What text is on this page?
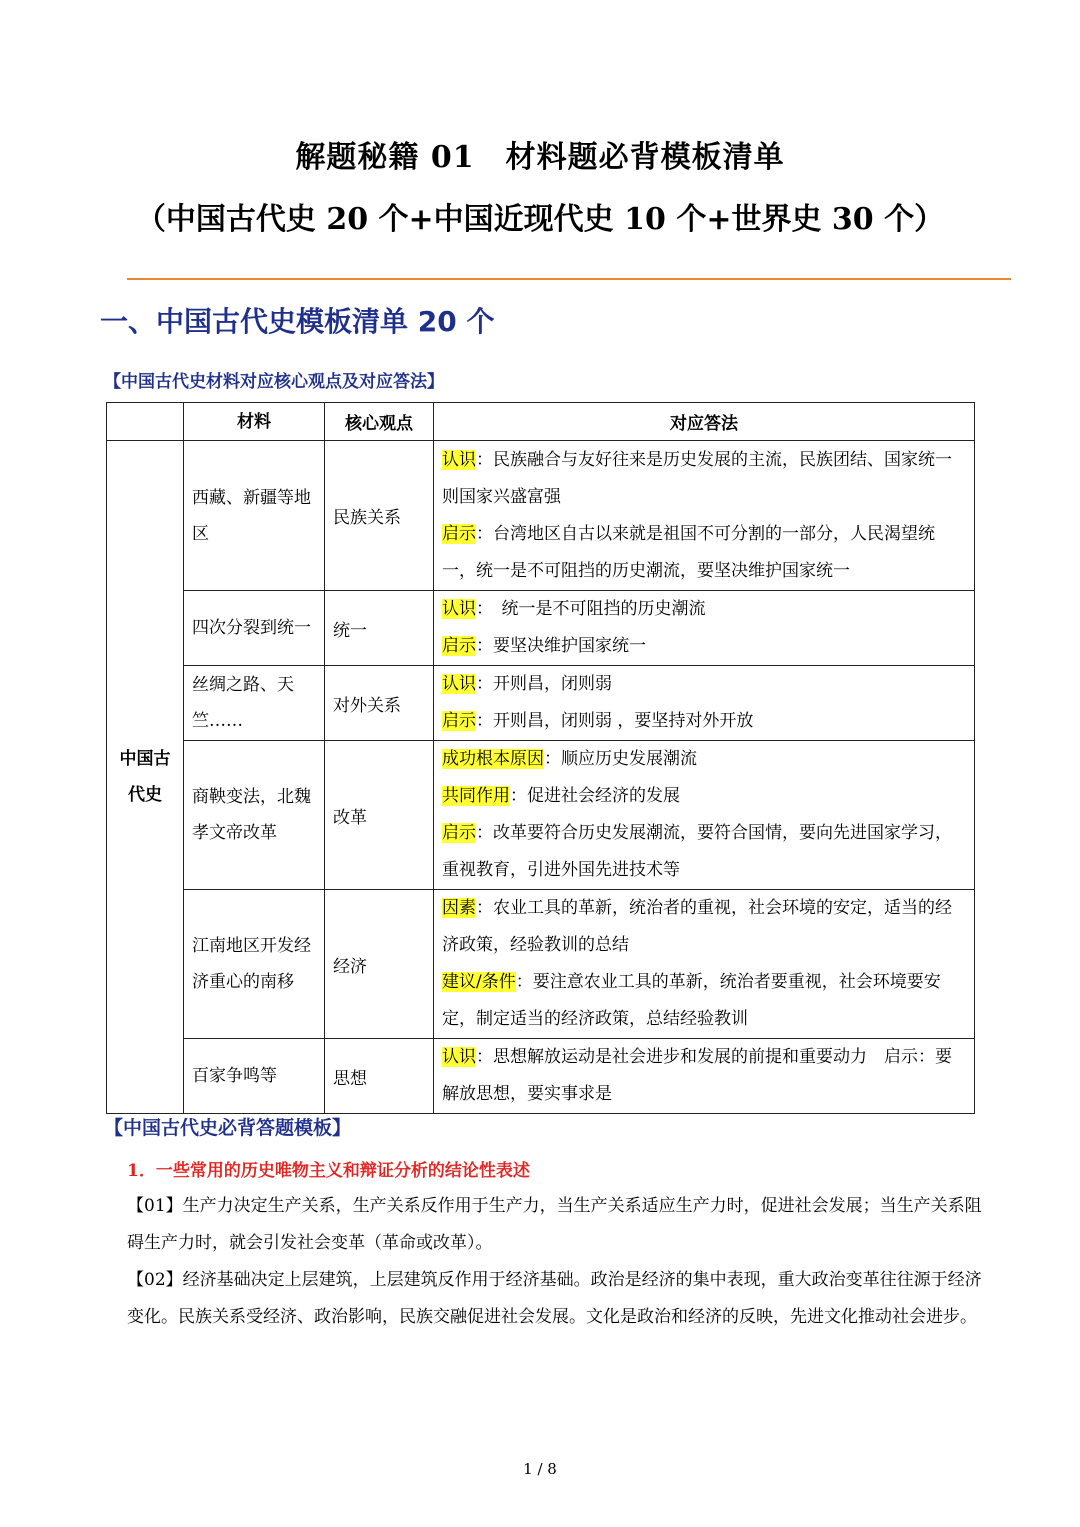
解题秘籍 01　材料题必背模板清单
（中国古代史 20 个+中国近现代史 10 个+世界史 30 个）
一、中国古代史模板清单 20 个
【中国古代史材料对应核心观点及对应答法】
	材料	核心观点	对应答法
中国古代史	西藏、新疆等地区	民族关系	认识：民族融合与友好往来是历史发展的主流，民族团结、国家统一则国家兴盛富强
启示：台湾地区自古以来就是祖国不可分割的一部分，人民渴望统一，统一是不可阻挡的历史潮流，要坚决维护国家统一

	四次分裂到统一	统一	认识：　统一是不可阻挡的历史潮流
启示：要坚决维护国家统一

	丝绸之路、天竺……	对外关系	认识：开则昌，闭则弱
启示：开则昌，闭则弱 ，要坚持对外开放

	商鞅变法，北魏孝文帝改革	改革	成功根本原因：顺应历史发展潮流
共同作用：促进社会经济的发展
启示：改革要符合历史发展潮流，要符合国情，要向先进国家学习，重视教育，引进外国先进技术等

	江南地区开发经济重心的南移	经济	因素：农业工具的革新，统治者的重视，社会环境的安定，适当的经济政策，经验教训的总结
建议/条件：要注意农业工具的革新，统治者要重视，社会环境要安定，制定适当的经济政策，总结经验教训

	百家争鸣等	思想	认识：思想解放运动是社会进步和发展的前提和重要动力　启示：要解放思想，要实事求是
【中国古代史必背答题模板】
1．一些常用的历史唯物主义和辩证分析的结论性表述
【01】生产力决定生产关系，生产关系反作用于生产力，当生产关系适应生产力时，促进社会发展；当生产关系阻碍生产力时，就会引发社会变革（革命或改革）。
【02】经济基础决定上层建筑，上层建筑反作用于经济基础。政治是经济的集中表现，重大政治变革往往源于经济变化。民族关系受经济、政治影响，民族交融促进社会发展。文化是政治和经济的反映，先进文化推动社会进步。
1 / 8
